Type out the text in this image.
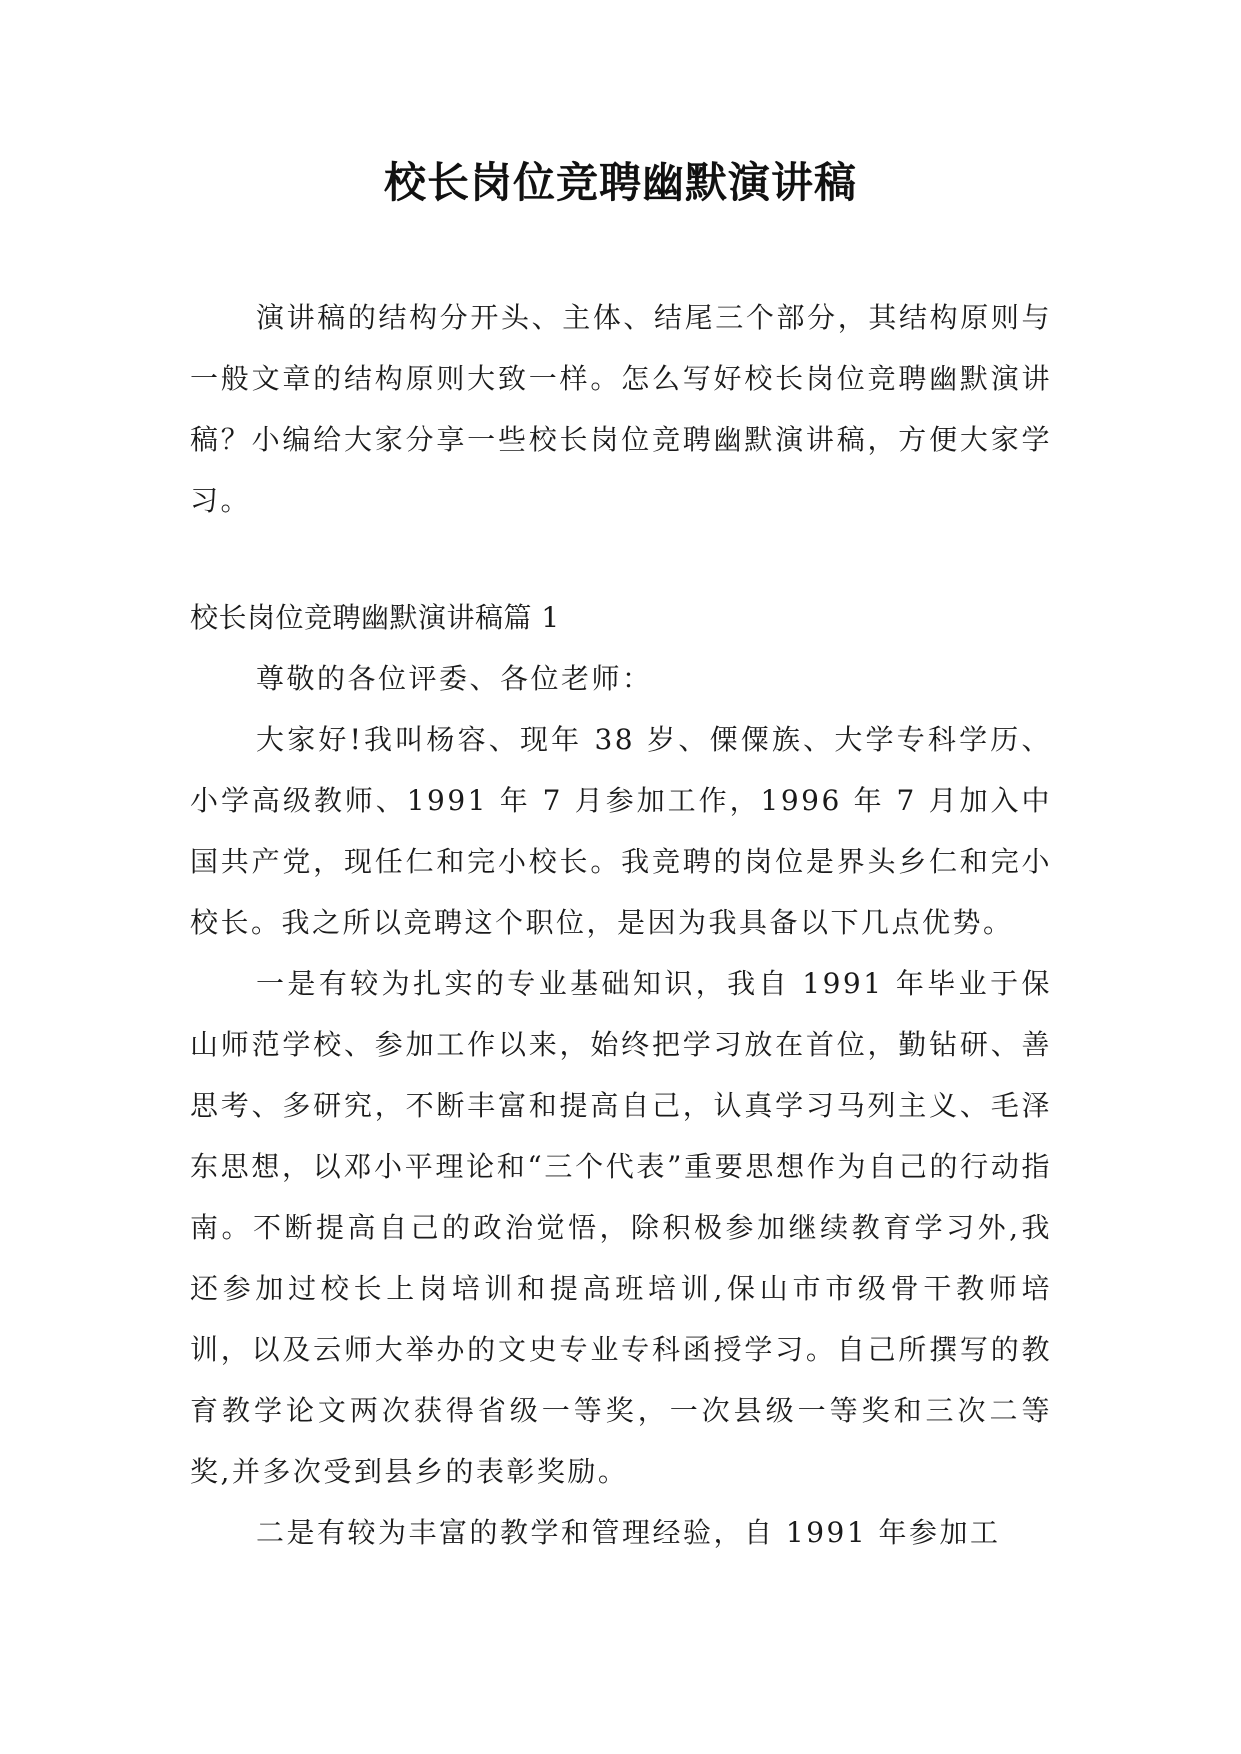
校长岗位竞聘幽默演讲稿

演讲稿的结构分开头、主体、结尾三个部分，其结构原则与一般文章的结构原则大致一样。怎么写好校长岗位竞聘幽默演讲稿？小编给大家分享一些校长岗位竞聘幽默演讲稿，方便大家学习。

校长岗位竞聘幽默演讲稿篇 1

尊敬的各位评委、各位老师：

大家好!我叫杨容、现年 38 岁、傈僳族、大学专科学历、小学高级教师、1991 年 7 月参加工作，1996 年 7 月加入中国共产党，现任仁和完小校长。我竞聘的岗位是界头乡仁和完小校长。我之所以竞聘这个职位，是因为我具备以下几点优势。

一是有较为扎实的专业基础知识，我自 1991 年毕业于保山师范学校、参加工作以来，始终把学习放在首位，勤钻研、善思考、多研究，不断丰富和提高自己，认真学习马列主义、毛泽东思想，以邓小平理论和“三个代表”重要思想作为自己的行动指南。不断提高自己的政治觉悟，除积极参加继续教育学习外,我还参加过校长上岗培训和提高班培训,保山市市级骨干教师培训，以及云师大举办的文史专业专科函授学习。自己所撰写的教育教学论文两次获得省级一等奖，一次县级一等奖和三次二等奖,并多次受到县乡的表彰奖励。

二是有较为丰富的教学和管理经验，自 1991 年参加工
